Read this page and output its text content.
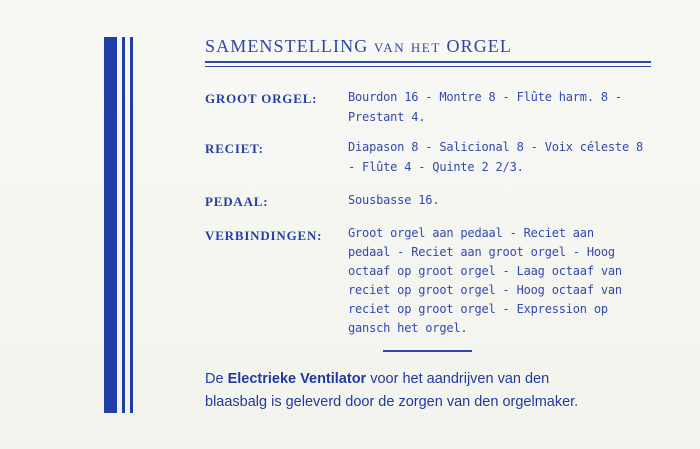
SAMENSTELLING VAN HET ORGEL
GROOT ORGEL:	Bourdon 16 - Montre 8 - Flûte harm. 8 -
Prestant 4.
RECIET:	Diapason 8 - Salicional 8 - Voix céleste 8
- Flûte 4 - Quinte 2 2/3.
PEDAAL:	Sousbasse 16.
VERBINDINGEN: Groot orgel aan pedaal - Reciet aan
pedaal - Reciet aan groot orgel - Hoog
octaaf op groot orgel - Laag octaaf van
reciet op groot orgel - Hoog octaaf van
reciet op groot orgel - Expression op
gansch het orgel.
De Electrieke Ventilator voor het aandrijven van den
blaasbalg is geleverd door de zorgen van den orgelmaker.
